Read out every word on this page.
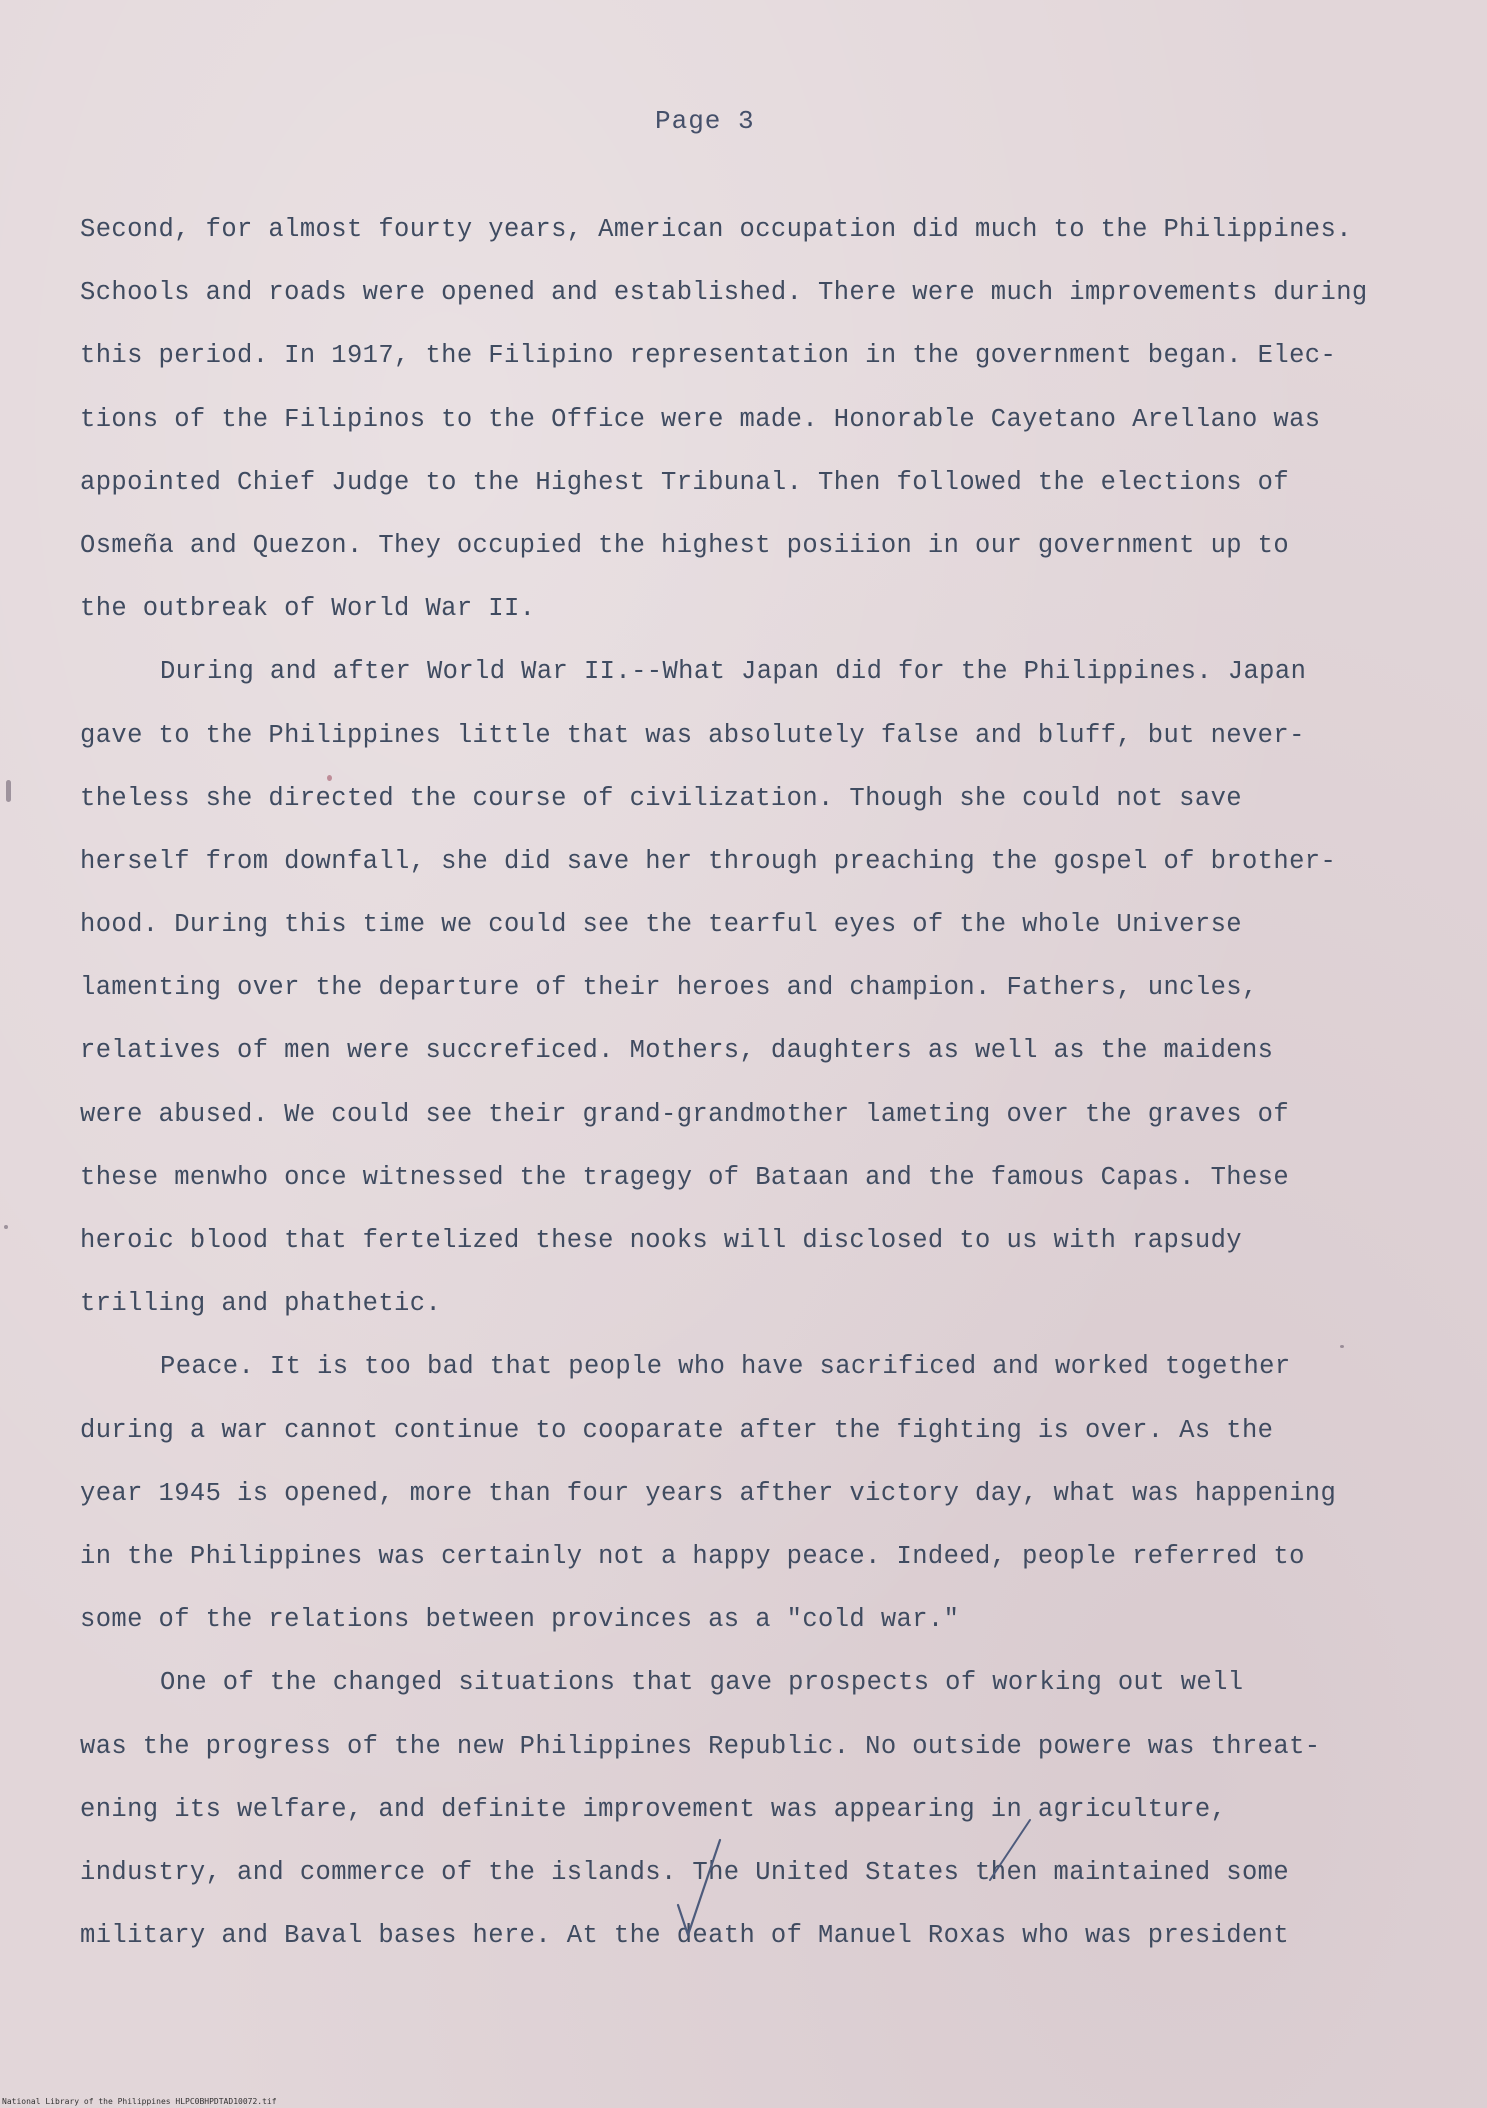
Page 3
Second, for almost fourty years, American occupation did much to the Philippines.
Schools and roads were opened and established. There were much improvements during
this period. In 1917, the Filipino representation in the government began. Elec-
tions of the Filipinos to the Office were made. Honorable Cayetano Arellano was
appointed Chief Judge to the Highest Tribunal. Then followed the elections of
Osmeña and Quezon. They occupied the highest posiiion in our government up to
the outbreak of World War II.
During and after World War II.--What Japan did for the Philippines. Japan
gave to the Philippines little that was absolutely false and bluff, but never-
theless she directed the course of civilization. Though she could not save
herself from downfall, she did save her through preaching the gospel of brother-
hood. During this time we could see the tearful eyes of the whole Universe
lamenting over the departure of their heroes and champion. Fathers, uncles,
relatives of men were succreficed. Mothers, daughters as well as the maidens
were abused. We could see their grand-grandmother lameting over the graves of
these menwho once witnessed the tragegy of Bataan and the famous Capas. These
heroic blood that fertelized these nooks will disclosed to us with rapsudy
trilling and phathetic.
Peace. It is too bad that people who have sacrificed and worked together
during a war cannot continue to cooparate after the fighting is over. As the
year 1945 is opened, more than four years afther victory day, what was happening
in the Philippines was certainly not a happy peace. Indeed, people referred to
some of the relations between provinces as a "cold war."
One of the changed situations that gave prospects of working out well
was the progress of the new Philippines Republic. No outside powere was threat-
ening its welfare, and definite improvement was appearing in agriculture,
industry, and commerce of the islands. The United States then maintained some
military and Baval bases here. At the death of Manuel Roxas who was president
National Library of the Philippines HLPC0BHPDTAD10072.tif
